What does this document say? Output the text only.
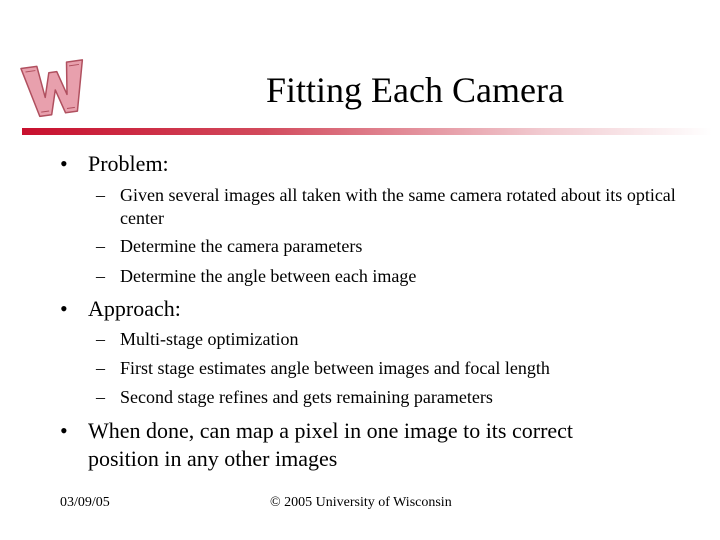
Fitting Each Camera
• Problem:
– Given several images all taken with the same camera rotated about its optical center
– Determine the camera parameters
– Determine the angle between each image
• Approach:
– Multi-stage optimization
– First stage estimates angle between images and focal length
– Second stage refines and gets remaining parameters
• When done, can map a pixel in one image to its correct position in any other images
03/09/05	© 2005 University of Wisconsin
